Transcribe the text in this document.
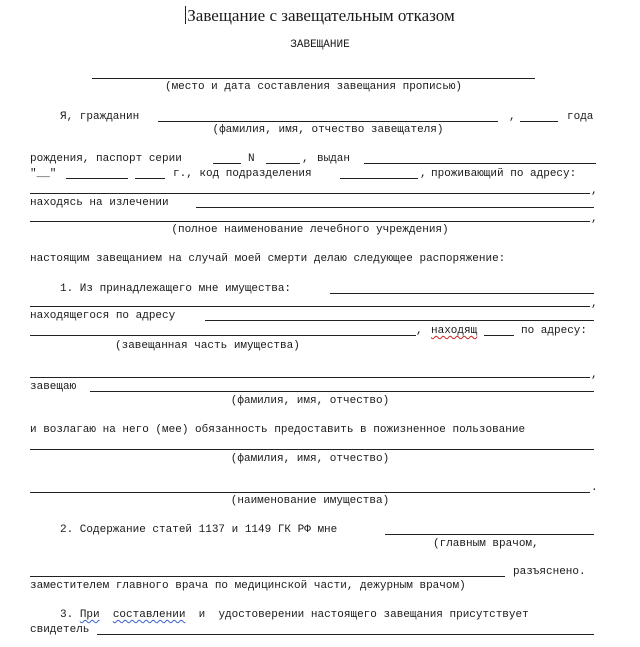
Завещание с завещательным отказом
ЗАВЕЩАНИЕ
(место и дата составления завещания прописью)
Я, гражданин	,	года
(фамилия, имя, отчество завещателя)
рождения, паспорт серии	N	, выдан
"__"	г., код подразделения	, проживающий по адресу:
,
находясь на излечении
,
(полное наименование лечебного учреждения)
настоящим завещанием на случай моей смерти делаю следующее распоряжение:
1. Из принадлежащего мне имущества:
,
находящегося по адресу
, находящ	по адресу:
(завещанная часть имущества)
,
завещаю
(фамилия, имя, отчество)
и возлагаю на него (мее) обязанность предоставить в пожизненное пользование
(фамилия, имя, отчество)
.
(наименование имущества)
2. Содержание статей 1137 и 1149 ГК РФ мне
(главным врачом,
разъяснено.
заместителем главного врача по медицинской части, дежурным врачом)
3. При составлении и  удостоверении настоящего завещания присутствует
свидетель
